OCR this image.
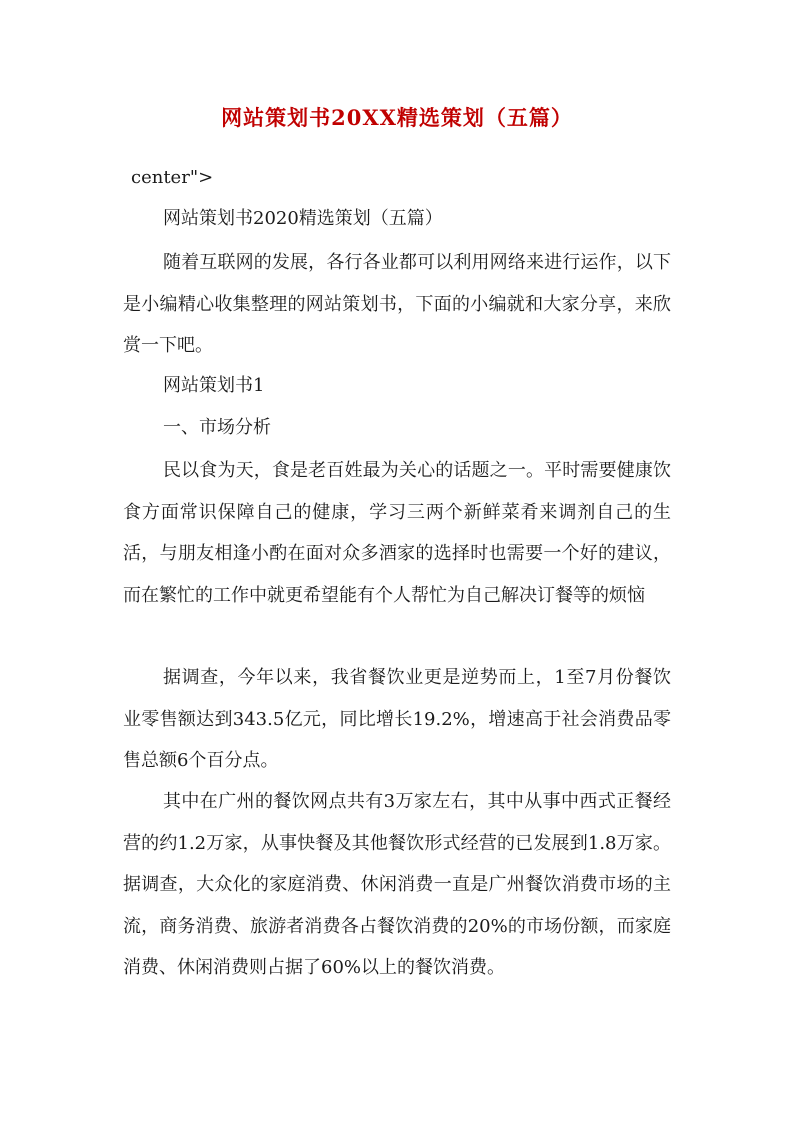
网站策划书20XX精选策划（五篇）
center">
网站策划书2020精选策划（五篇）

随着互联网的发展，各行各业都可以利用网络来进行运作，以下是小编精心收集整理的网站策划书，下面的小编就和大家分享，来欣赏一下吧。

网站策划书1
一、市场分析

民以食为天，食是老百姓最为关心的话题之一。平时需要健康饮食方面常识保障自己的健康，学习三两个新鲜菜肴来调剂自己的生活，与朋友相逢小酌在面对众多酒家的选择时也需要一个好的建议，而在繁忙的工作中就更希望能有个人帮忙为自己解决订餐等的烦恼

据调查，今年以来，我省餐饮业更是逆势而上，1至7月份餐饮业零售额达到343.5亿元，同比增长19.2%，增速高于社会消费品零售总额6个百分点。

其中在广州的餐饮网点共有3万家左右，其中从事中西式正餐经营的约1.2万家，从事快餐及其他餐饮形式经营的已发展到1.8万家。据调查，大众化的家庭消费、休闲消费一直是广州餐饮消费市场的主流，商务消费、旅游者消费各占餐饮消费的20%的市场份额，而家庭消费、休闲消费则占据了60%以上的餐饮消费。
